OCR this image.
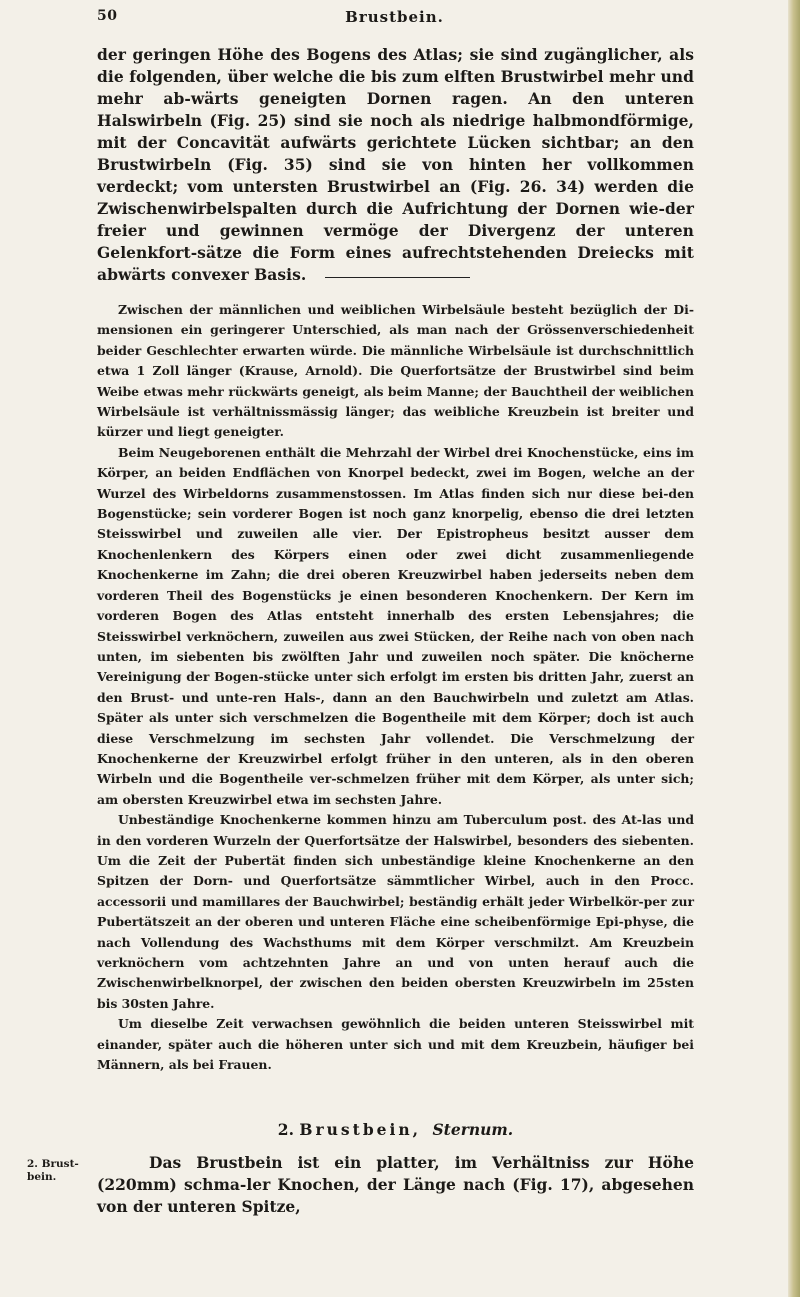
50	Brustbein.

der geringen Höhe des Bogens des Atlas; sie sind zugänglicher, als die folgenden, über welche die bis zum elften Brustwirbel mehr und mehr ab-wärts geneigten Dornen ragen. An den unteren Halswirbeln (Fig. 25) sind sie noch als niedrige halbmondförmige, mit der Concavität aufwärts gerichtete Lücken sichtbar; an den Brustwirbeln (Fig. 35) sind sie von hinten her vollkommen verdeckt; vom untersten Brustwirbel an (Fig. 26. 34) werden die Zwischenwirbelspalten durch die Aufrichtung der Dornen wie-der freier und gewinnen vermöge der Divergenz der unteren Gelenkfort-sätze die Form eines aufrechtstehenden Dreiecks mit abwärts convexer Basis.

Zwischen der männlichen und weiblichen Wirbelsäule besteht bezüglich der Di-mensionen ein geringerer Unterschied, als man nach der Grössenverschiedenheit beider Geschlechter erwarten würde. Die männliche Wirbelsäule ist durchschnittlich etwa 1 Zoll länger (Krause, Arnold). Die Querfortsätze der Brustwirbel sind beim Weibe etwas mehr rückwärts geneigt, als beim Manne; der Bauchtheil der weiblichen Wirbelsäule ist verhältnissmässig länger; das weibliche Kreuzbein ist breiter und kürzer und liegt geneigter.

Beim Neugeborenen enthält die Mehrzahl der Wirbel drei Knochenstücke, eins im Körper, an beiden Endflächen von Knorpel bedeckt, zwei im Bogen, welche an der Wurzel des Wirbeldorns zusammenstossen. Im Atlas finden sich nur diese bei-den Bogenstücke; sein vorderer Bogen ist noch ganz knorpelig, ebenso die drei letzten Steisswirbel und zuweilen alle vier. Der Epistropheus besitzt ausser dem Knochenlenkern des Körpers einen oder zwei dicht zusammenliegende Knochenkerne im Zahn; die drei oberen Kreuzwirbel haben jederseits neben dem vorderen Theil des Bogenstücks je einen besonderen Knochenkern. Der Kern im vorderen Bogen des Atlas entsteht innerhalb des ersten Lebensjahres; die Steisswirbel verknöchern, zuweilen aus zwei Stücken, der Reihe nach von oben nach unten, im siebenten bis zwölften Jahr und zuweilen noch später. Die knöcherne Vereinigung der Bogen-stücke unter sich erfolgt im ersten bis dritten Jahr, zuerst an den Brust- und unte-ren Hals-, dann an den Bauchwirbeln und zuletzt am Atlas. Später als unter sich verschmelzen die Bogentheile mit dem Körper; doch ist auch diese Verschmelzung im sechsten Jahr vollendet. Die Verschmelzung der Knochenkerne der Kreuzwirbel erfolgt früher in den unteren, als in den oberen Wirbeln und die Bogentheile ver-schmelzen früher mit dem Körper, als unter sich; am obersten Kreuzwirbel etwa im sechsten Jahre.

Unbeständige Knochenkerne kommen hinzu am Tuberculum post. des At-las und in den vorderen Wurzeln der Querfortsätze der Halswirbel, besonders des siebenten. Um die Zeit der Pubertät finden sich unbeständige kleine Knochenkerne an den Spitzen der Dorn- und Querfortsätze sämmtlicher Wirbel, auch in den Procc. accessorii und mamillares der Bauchwirbel; beständig erhält jeder Wirbelkör-per zur Pubertätszeit an der oberen und unteren Fläche eine scheibenförmige Epi-physe, die nach Vollendung des Wachsthums mit dem Körper verschmilzt. Am Kreuzbein verknöchern vom achtzehnten Jahre an und von unten herauf auch die Zwischenwirbelknorpel, der zwischen den beiden obersten Kreuzwirbeln im 25sten bis 30sten Jahre.

Um dieselbe Zeit verwachsen gewöhnlich die beiden unteren Steisswirbel mit einander, später auch die höheren unter sich und mit dem Kreuzbein, häufiger bei Männern, als bei Frauen.

2. Brustbein, Sternum.
2. Brust-bein.

Das Brustbein ist ein platter, im Verhältniss zur Höhe (220mm) schma-ler Knochen, der Länge nach (Fig. 17), abgesehen von der unteren Spitze,
